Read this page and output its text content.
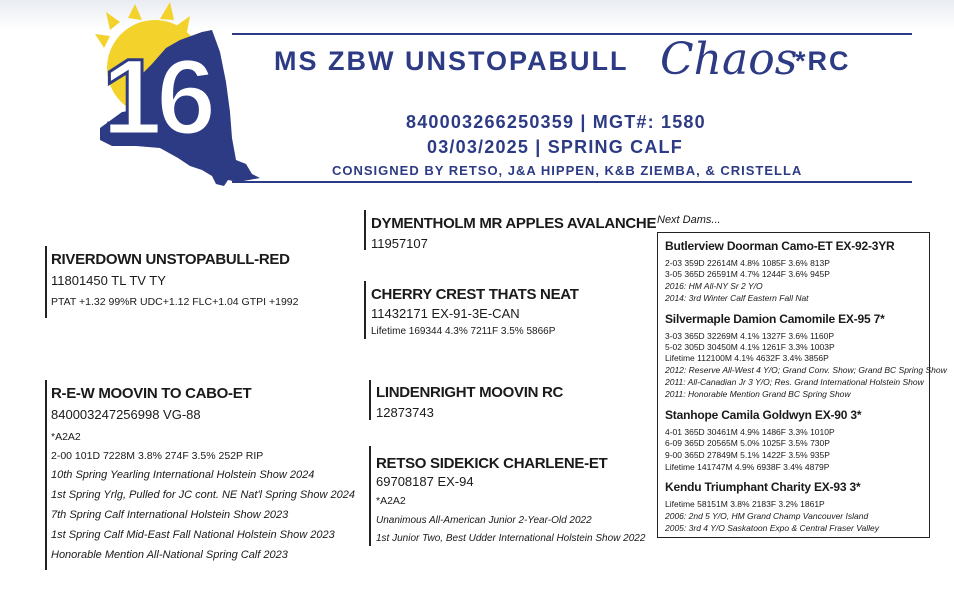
16 MS ZBW UNSTOPABULL Chaos
*RC
840003266250359 | MGT#: 1580
03/03/2025 | SPRING CALF
CONSIGNED BY RETSO, J&A HIPPEN, K&B ZIEMBA, & CRISTELLA
RIVERDOWN UNSTOPABULL-RED
11801450 TL TV TY
PTAT +1.32 99%R UDC+1.12 FLC+1.04 GTPI +1992
R-E-W MOOVIN TO CABO-ET
840003247256998 VG-88
*A2A2
2-00 101D 7228M 3.8% 274F 3.5% 252P RIP
10th Spring Yearling International Holstein Show 2024
1st Spring Yrlg, Pulled for JC cont. NE Nat'l Spring Show 2024
7th Spring Calf International Holstein Show 2023
1st Spring Calf Mid-East Fall National Holstein Show 2023
Honorable Mention All-National Spring Calf 2023
DYMENTHOLM MR APPLES AVALANCHE
11957107
CHERRY CREST THATS NEAT
11432171 EX-91-3E-CAN
Lifetime 169344 4.3% 7211F 3.5% 5866P
LINDENRIGHT MOOVIN RC
12873743
RETSO SIDEKICK CHARLENE-ET
69708187 EX-94
*A2A2
Unanimous All-American Junior 2-Year-Old 2022
1st Junior Two, Best Udder International Holstein Show 2022
Next Dams...
Butlerview Doorman Camo-ET EX-92-3YR
2-03 359D 22614M 4.8% 1085F 3.6% 813P
3-05 365D 26591M 4.7% 1244F 3.6% 945P
2016: HM All-NY Sr 2 Y/O
2014: 3rd Winter Calf Eastern Fall Nat
Silvermaple Damion Camomile EX-95 7*
3-03 365D 32269M 4.1% 1327F 3.6% 1160P
5-02 305D 30450M 4.1% 1261F 3.3% 1003P
Lifetime 112100M 4.1% 4632F 3.4% 3856P
2012: Reserve All-West 4 Y/O; Grand Conv. Show; Grand BC Spring Show
2011: All-Canadian Jr 3 Y/O; Res. Grand International Holstein Show
2011: Honorable Mention Grand BC Spring Show
Stanhope Camila Goldwyn EX-90 3*
4-01 365D 30461M 4.9% 1486F 3.3% 1010P
6-09 365D 20565M 5.0% 1025F 3.5% 730P
9-00 365D 27849M 5.1% 1422F 3.5% 935P
Lifetime 141747M 4.9% 6938F 3.4% 4879P
Kendu Triumphant Charity EX-93 3*
Lifetime 58151M 3.8% 2183F 3.2% 1861P
2006: 2nd 5 Y/O, HM Grand Champ Vancouver Island
2005: 3rd 4 Y/O Saskatoon Expo & Central Fraser Valley
